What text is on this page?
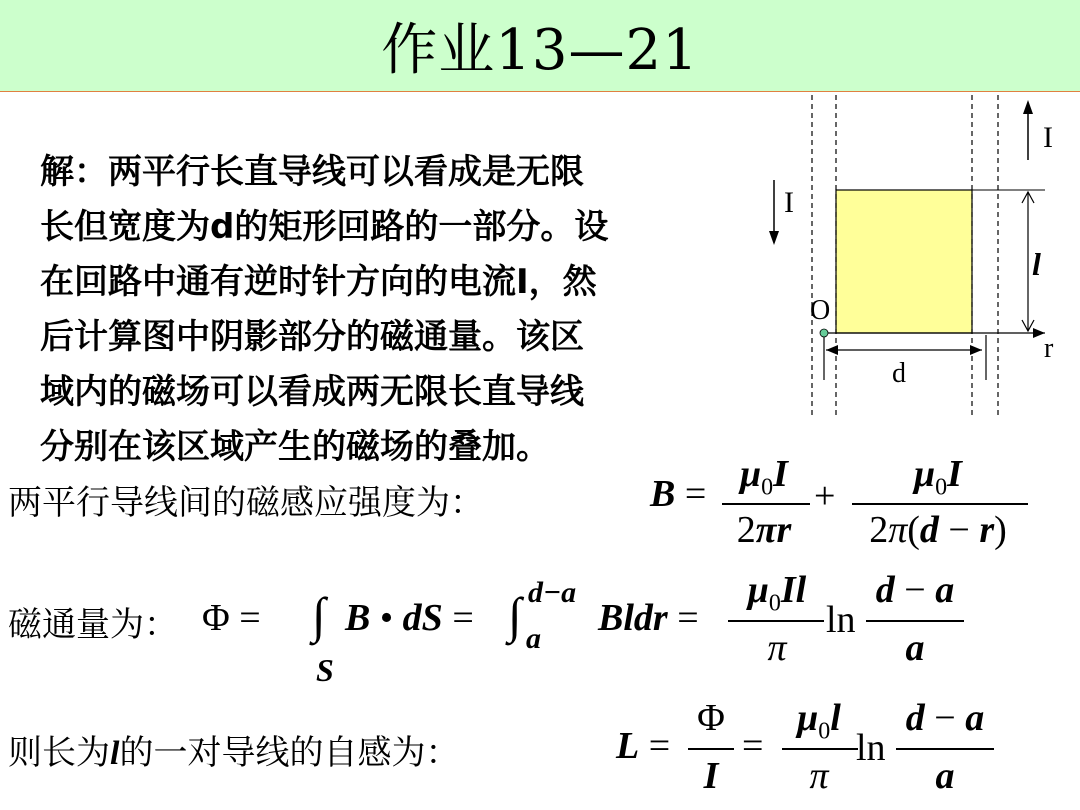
作业13—21
解：两平行长直导线可以看成是无限
长但宽度为d的矩形回路的一部分。设
在回路中通有逆时针方向的电流I，然
后计算图中阴影部分的磁通量。该区
域内的磁场可以看成两无限长直导线
分别在该区域产生的磁场的叠加。
I
I
O
l
r
d
两平行导线间的磁感应强度为：	$B = \mu_0I$
2πr
+
$\mu_0I$
2π(d − r)
磁通量为： Φ = ∫
S
B • dS = ∫ d−a
a Bldr =
$\mu_0Il$
π
ln
d − a
a
则长为l的一对导线的自感为：	L =
Φ
I
=
$\mu_0l$
π
ln
d − a
a
